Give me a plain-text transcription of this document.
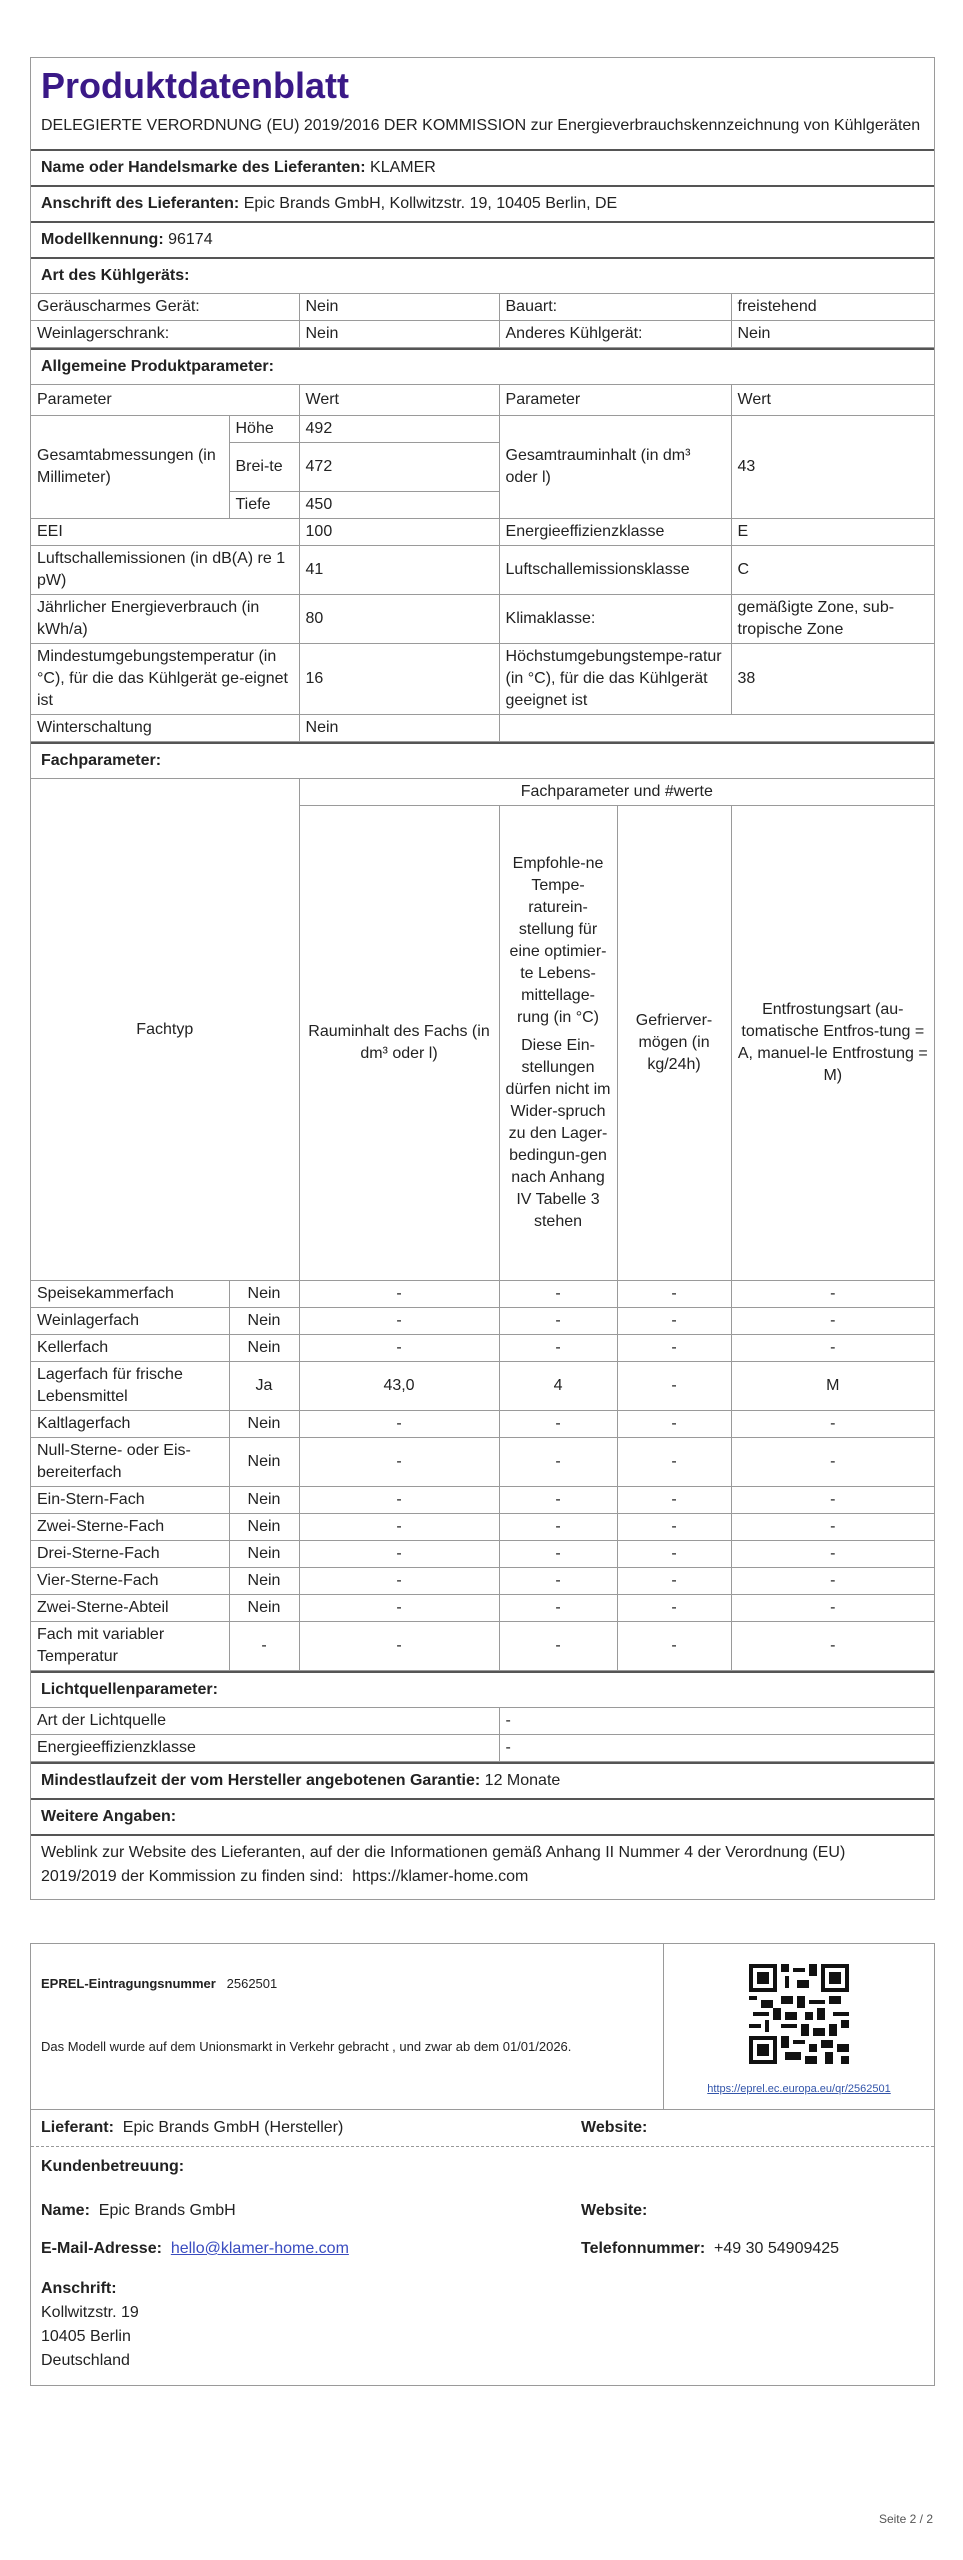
Produktdatenblatt
DELEGIERTE VERORDNUNG (EU) 2019/2016 DER KOMMISSION zur Energieverbrauchskennzeichnung von Kühlgeräten
Name oder Handelsmarke des Lieferanten: KLAMER
Anschrift des Lieferanten: Epic Brands GmbH, Kollwitzstr. 19, 10405 Berlin, DE
Modellkennung: 96174
Art des Kühlgeräts:
Geräuscharmes Gerät:	Nein	Bauart:	freistehend
Weinlagerschrank:	Nein	Anderes Kühlgerät:	Nein
Allgemeine Produktparameter:
Parameter		Wert	Parameter	Wert
Gesamtabmessungen (in Millimeter)	Höhe	492	Gesamtrauminhalt (in dm³ oder l)	43
	Brei-te	472		
	Tiefe	450		
EEI		100	Energieeffizienzklasse	E
Luftschallemissionen (in dB(A) re 1 pW)		41	Luftschallemissionsklasse	C
Jährlicher Energieverbrauch (in kWh/a)		80	Klimaklasse:	gemäßigte Zone, sub-tropische Zone
Mindestumgebungstemperatur (in °C), für die das Kühlgerät ge-eignet ist		16	Höchstumgebungstempe-ratur (in °C), für die das Kühlgerät geeignet ist	38
Winterschaltung		Nein		
Fachparameter:
Fachtyp		Fachparameter und #werte			
		Rauminhalt des Fachs (in dm³ oder l)	Empfohle-ne Tempe-raturein-stellung für eine optimier-te Lebens-mittellage-rung (in °C)
Diese Ein-stellungen dürfen nicht im Wider-spruch zu den Lager-bedingun-gen nach Anhang IV Tabelle 3 stehen	Gefrierver-mögen (in kg/24h)	Entfrostungsart (au-tomatische Entfros-tung = A, manuel-le Entfrostung = M)
Speisekammerfach	Nein	-	-	-	-
Weinlagerfach	Nein	-	-	-	-
Kellerfach	Nein	-	-	-	-
Lagerfach für frische Lebensmittel	Ja	43,0	4	-	M
Kaltlagerfach	Nein	-	-	-	-
Null-Sterne- oder Eis-bereiterfach	Nein	-	-	-	-
Ein-Stern-Fach	Nein	-	-	-	-
Zwei-Sterne-Fach	Nein	-	-	-	-
Drei-Sterne-Fach	Nein	-	-	-	-
Vier-Sterne-Fach	Nein	-	-	-	-
Zwei-Sterne-Abteil	Nein	-	-	-	-
Fach mit variabler Temperatur	-	-	-	-	-
Lichtquellenparameter:
Art der Lichtquelle	-
Energieeffizienzklasse	-
Mindestlaufzeit der vom Hersteller angebotenen Garantie: 12 Monate
Weitere Angaben:
Weblink zur Website des Lieferanten, auf der die Informationen gemäß Anhang II Nummer 4 der Verordnung (EU) 2019/2019 der Kommission zu finden sind: https://klamer-home.com
EPREL-Eintragungsnummer 2562501
Das Modell wurde auf dem Unionsmarkt in Verkehr gebracht , und zwar ab dem 01/01/2026.
https://eprel.ec.europa.eu/qr/2562501
Lieferant: Epic Brands GmbH (Hersteller)	Website:
Kundenbetreuung:
Name: Epic Brands GmbH	Website:
E-Mail-Adresse: hello@klamer-home.com	Telefonnummer: +49 30 54909425
Anschrift:
Kollwitzstr. 19
10405 Berlin
Deutschland
Seite 2 / 2
